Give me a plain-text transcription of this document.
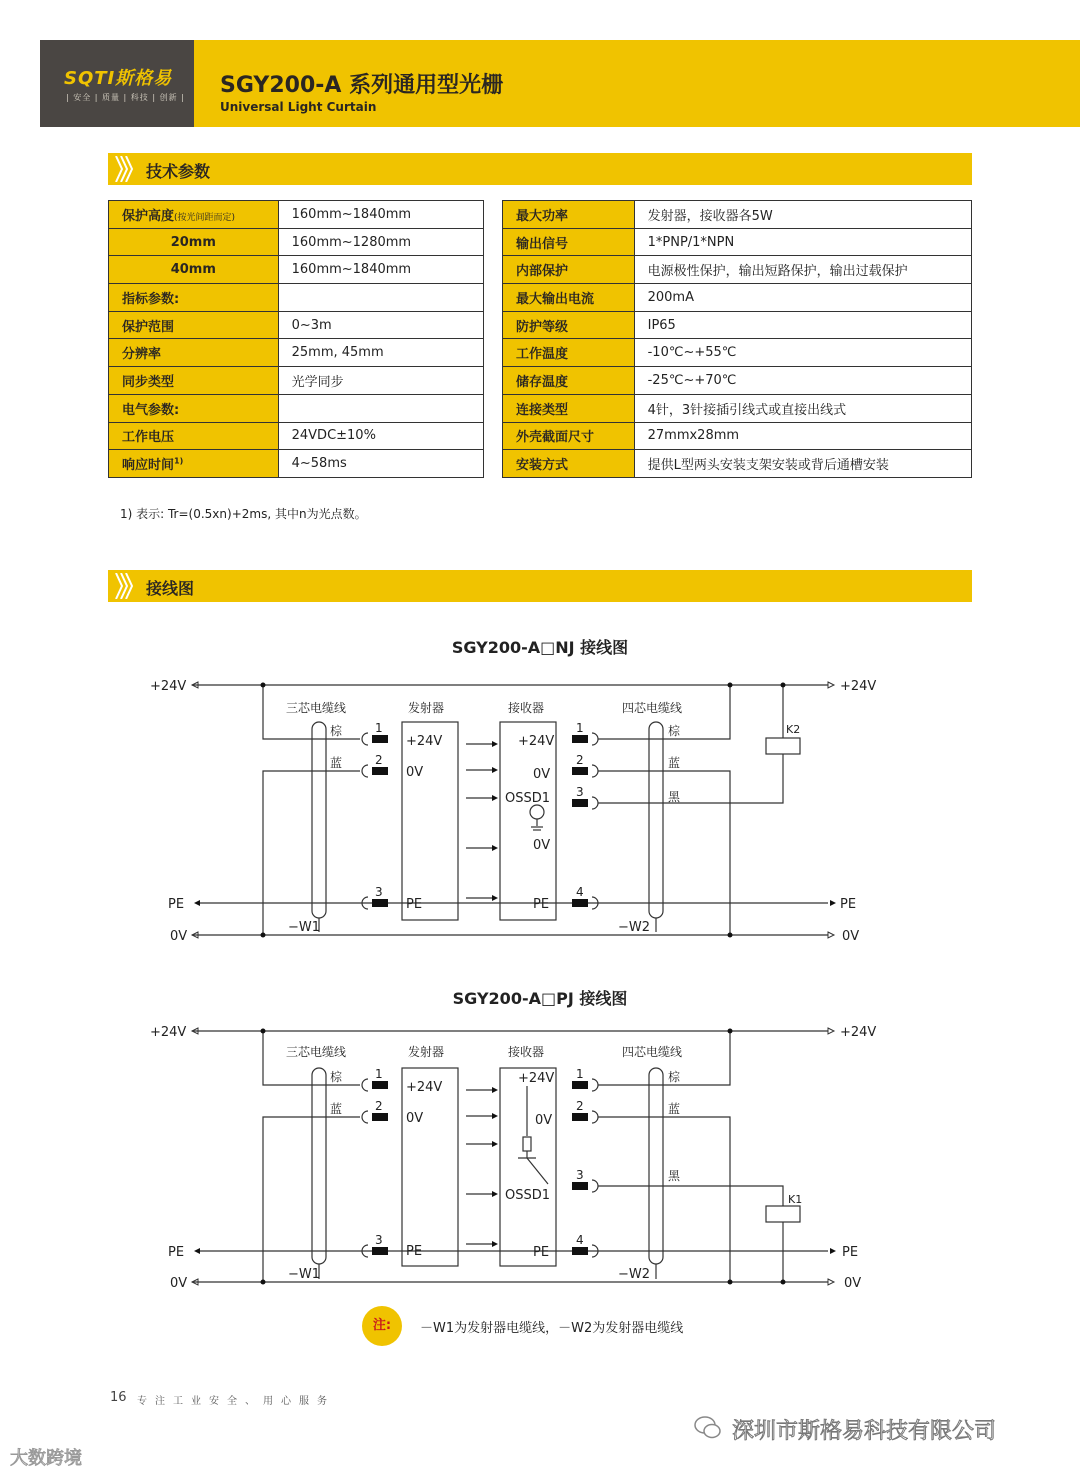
SQTI斯格易
| 安全 | 质量 | 科技 | 创新 | SGY200-A 系列通用型光栅
Universal Light Curtain
技术参数
保护高度(按光间距而定)	160mm~1840mm
20mm	160mm~1280mm
40mm	160mm~1840mm
指标参数:	
保护范围	0~3m
分辨率	25mm, 45mm
同步类型	光学同步
电气参数:	
工作电压	24VDC±10%
响应时间$^{1)}$	4~58ms
最大功率	发射器，接收器各5W
输出信号	1*PNP/1*NPN
内部保护	电源极性保护，输出短路保护，输出过载保护
最大输出电流	200mA
防护等级	IP65
工作温度	-10℃~+55℃
储存温度	-25℃~+70℃
连接类型	4针，3针接插引线式或直接出线式
外壳截面尺寸	27mmx28mm
安装方式	提供L型两头安装支架安装或背后通槽安装
1) 表示: Tr=(0.5xn)+2ms, 其中n为光点数。
接线图
SGY200-A□NJ 接线图
SGY200-A□PJ 接线图
+24V	+24V
PE	PE
0V	0V
三芯电缆线	发射器	接收器	四芯电缆线
棕
蓝
棕
蓝
黑
1
2
3
1
2
3
4
+24V
0V
PE
+24V
0V
OSSD1
0V
PE
−W1	−W2
K2
+24V	+24V
PE	PE
0V	0V
三芯电缆线	发射器	接收器	四芯电缆线
棕
蓝
棕
蓝
黑
1
2
3
1
2
3
4
+24V
0V
PE
+24V
0V
OSSD1
PE
−W1	−W2
K1
注:	－W1为发射器电缆线，－W2为发射器电缆线
16 专注工业安全、用心服务
深圳市斯格易科技有限公司
大数跨境
